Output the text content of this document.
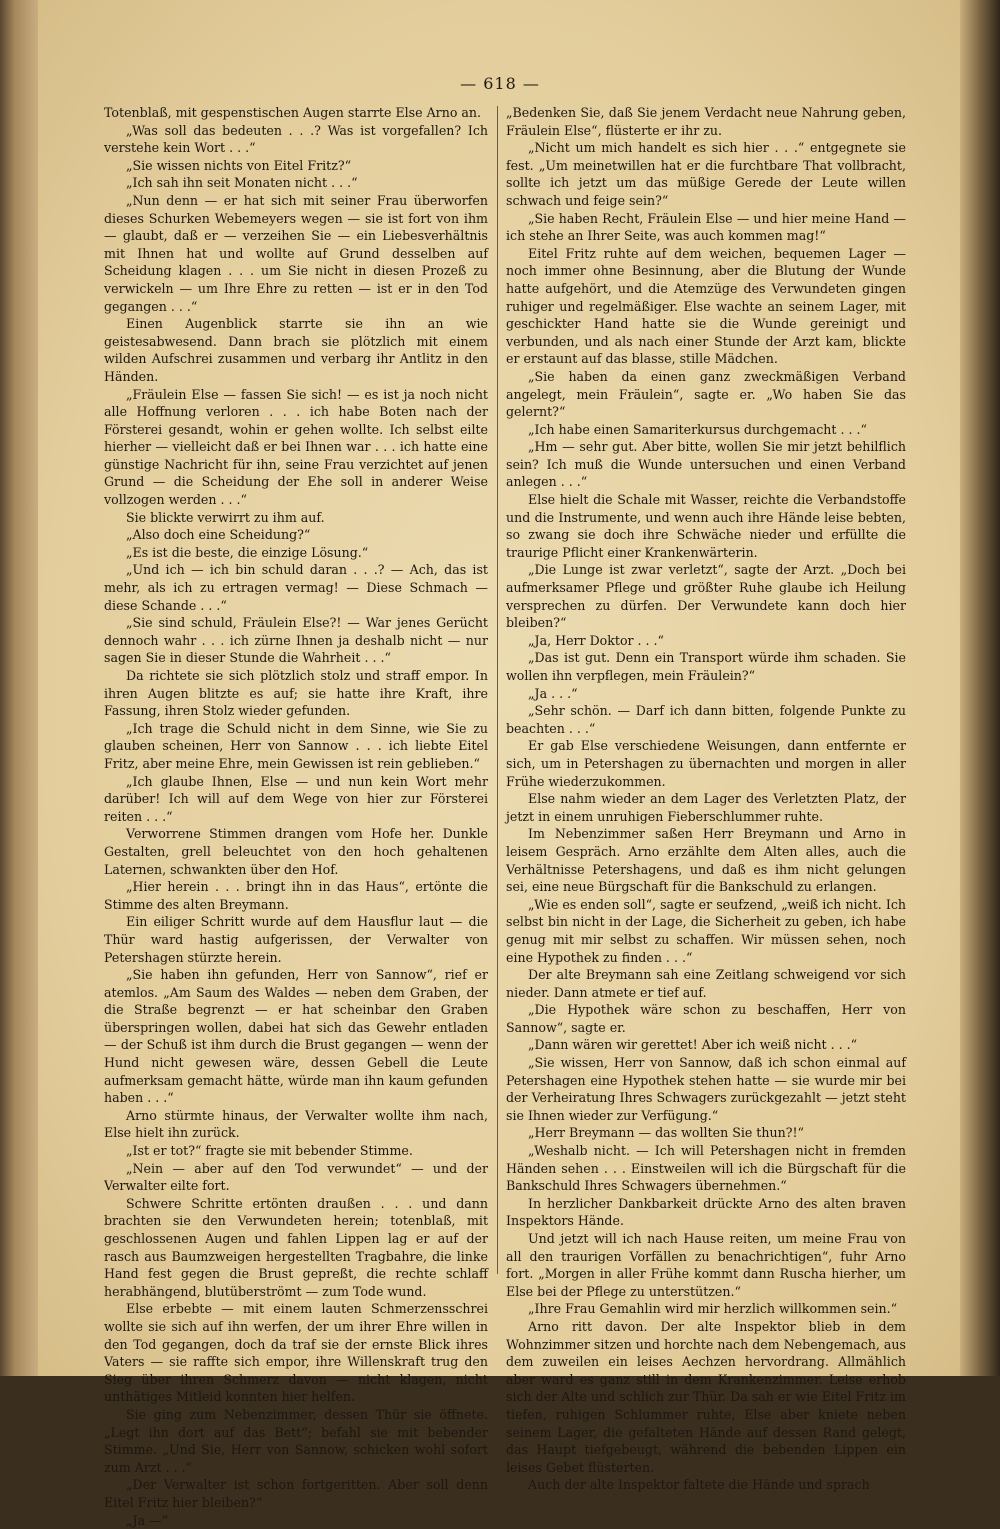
— 618 —

Totenblaß, mit gespenstischen Augen starrte Else Arno an.

„Was soll das bedeuten . . .? Was ist vorgefallen? Ich verstehe kein Wort . . .“

„Sie wissen nichts von Eitel Fritz?“

„Ich sah ihn seit Monaten nicht . . .“

„Nun denn — er hat sich mit seiner Frau überworfen dieses Schurken Webemeyers wegen — sie ist fort von ihm — glaubt, daß er — verzeihen Sie — ein Liebesverhältnis mit Ihnen hat und wollte auf Grund desselben auf Scheidung klagen . . . um Sie nicht in diesen Prozeß zu verwickeln — um Ihre Ehre zu retten — ist er in den Tod gegangen . . .“

Einen Augenblick starrte sie ihn an wie geistesabwesend. Dann brach sie plötzlich mit einem wilden Aufschrei zusammen und verbarg ihr Antlitz in den Händen.

„Fräulein Else — fassen Sie sich! — es ist ja noch nicht alle Hoffnung verloren . . . ich habe Boten nach der Försterei gesandt, wohin er gehen wollte. Ich selbst eilte hierher — vielleicht daß er bei Ihnen war . . . ich hatte eine günstige Nachricht für ihn, seine Frau verzichtet auf jenen Grund — die Scheidung der Ehe soll in anderer Weise vollzogen werden . . .“

Sie blickte verwirrt zu ihm auf.

„Also doch eine Scheidung?“

„Es ist die beste, die einzige Lösung.“

„Und ich — ich bin schuld daran . . .? — Ach, das ist mehr, als ich zu ertragen vermag! — Diese Schmach — diese Schande . . .“

„Sie sind schuld, Fräulein Else?! — War jenes Gerücht dennoch wahr . . . ich zürne Ihnen ja deshalb nicht — nur sagen Sie in dieser Stunde die Wahrheit . . .“

Da richtete sie sich plötzlich stolz und straff empor. In ihren Augen blitzte es auf; sie hatte ihre Kraft, ihre Fassung, ihren Stolz wieder gefunden.

„Ich trage die Schuld nicht in dem Sinne, wie Sie zu glauben scheinen, Herr von Sannow . . . ich liebte Eitel Fritz, aber meine Ehre, mein Gewissen ist rein geblieben.“

„Ich glaube Ihnen, Else — und nun kein Wort mehr darüber! Ich will auf dem Wege von hier zur Försterei reiten . . .“

Verworrene Stimmen drangen vom Hofe her. Dunkle Gestalten, grell beleuchtet von den hoch gehaltenen Laternen, schwankten über den Hof.

„Hier herein . . . bringt ihn in das Haus“, ertönte die Stimme des alten Breymann.

Ein eiliger Schritt wurde auf dem Hausflur laut — die Thür ward hastig aufgerissen, der Verwalter von Petershagen stürzte herein.

„Sie haben ihn gefunden, Herr von Sannow“, rief er atemlos. „Am Saum des Waldes — neben dem Graben, der die Straße begrenzt — er hat scheinbar den Graben überspringen wollen, dabei hat sich das Gewehr entladen — der Schuß ist ihm durch die Brust gegangen — wenn der Hund nicht gewesen wäre, dessen Gebell die Leute aufmerksam gemacht hätte, würde man ihn kaum gefunden haben . . .“

Arno stürmte hinaus, der Verwalter wollte ihm nach, Else hielt ihn zurück.

„Ist er tot?“ fragte sie mit bebender Stimme.

„Nein — aber auf den Tod verwundet“ — und der Verwalter eilte fort.

Schwere Schritte ertönten draußen . . . und dann brachten sie den Verwundeten herein; totenblaß, mit geschlossenen Augen und fahlen Lippen lag er auf der rasch aus Baumzweigen hergestellten Tragbahre, die linke Hand fest gegen die Brust gepreßt, die rechte schlaff herabhängend, blutüberströmt — zum Tode wund.

Else erbebte — mit einem lauten Schmerzensschrei wollte sie sich auf ihn werfen, der um ihrer Ehre willen in den Tod gegangen, doch da traf sie der ernste Blick ihres Vaters — sie raffte sich empor, ihre Willenskraft trug den Sieg über ihren Schmerz davon — nicht klagen, nicht unthätiges Mitleid konnten hier helfen.

Sie ging zum Nebenzimmer, dessen Thür sie öffnete. „Legt ihn dort auf das Bett“; befahl sie mit bebender Stimme. „Und Sie, Herr von Sannow, schicken wohl sofort zum Arzt . . .“

„Der Verwalter ist schon fortgeritten. Aber soll denn Eitel Fritz hier bleiben?“

„Ja —“

„Bedenken Sie, daß Sie jenem Verdacht neue Nahrung geben, Fräulein Else“, flüsterte er ihr zu.

„Nicht um mich handelt es sich hier . . .“ entgegnete sie fest. „Um meinetwillen hat er die furchtbare That vollbracht, sollte ich jetzt um das müßige Gerede der Leute willen schwach und feige sein?“

„Sie haben Recht, Fräulein Else — und hier meine Hand — ich stehe an Ihrer Seite, was auch kommen mag!“

Eitel Fritz ruhte auf dem weichen, bequemen Lager — noch immer ohne Besinnung, aber die Blutung der Wunde hatte aufgehört, und die Atemzüge des Verwundeten gingen ruhiger und regelmäßiger. Else wachte an seinem Lager, mit geschickter Hand hatte sie die Wunde gereinigt und verbunden, und als nach einer Stunde der Arzt kam, blickte er erstaunt auf das blasse, stille Mädchen.

„Sie haben da einen ganz zweckmäßigen Verband angelegt, mein Fräulein“, sagte er. „Wo haben Sie das gelernt?“

„Ich habe einen Samariterkursus durchgemacht . . .“

„Hm — sehr gut. Aber bitte, wollen Sie mir jetzt behilflich sein? Ich muß die Wunde untersuchen und einen Verband anlegen . . .“

Else hielt die Schale mit Wasser, reichte die Verbandstoffe und die Instrumente, und wenn auch ihre Hände leise bebten, so zwang sie doch ihre Schwäche nieder und erfüllte die traurige Pflicht einer Krankenwärterin.

„Die Lunge ist zwar verletzt“, sagte der Arzt. „Doch bei aufmerksamer Pflege und größter Ruhe glaube ich Heilung versprechen zu dürfen. Der Verwundete kann doch hier bleiben?“

„Ja, Herr Doktor . . .“

„Das ist gut. Denn ein Transport würde ihm schaden. Sie wollen ihn verpflegen, mein Fräulein?“

„Ja . . .“

„Sehr schön. — Darf ich dann bitten, folgende Punkte zu beachten . . .“

Er gab Else verschiedene Weisungen, dann entfernte er sich, um in Petershagen zu übernachten und morgen in aller Frühe wiederzukommen.

Else nahm wieder an dem Lager des Verletzten Platz, der jetzt in einem unruhigen Fieberschlummer ruhte.

Im Nebenzimmer saßen Herr Breymann und Arno in leisem Gespräch. Arno erzählte dem Alten alles, auch die Verhältnisse Petershagens, und daß es ihm nicht gelungen sei, eine neue Bürgschaft für die Bankschuld zu erlangen.

„Wie es enden soll“, sagte er seufzend, „weiß ich nicht. Ich selbst bin nicht in der Lage, die Sicherheit zu geben, ich habe genug mit mir selbst zu schaffen. Wir müssen sehen, noch eine Hypothek zu finden . . .“

Der alte Breymann sah eine Zeitlang schweigend vor sich nieder. Dann atmete er tief auf.

„Die Hypothek wäre schon zu beschaffen, Herr von Sannow“, sagte er.

„Dann wären wir gerettet! Aber ich weiß nicht . . .“

„Sie wissen, Herr von Sannow, daß ich schon einmal auf Petershagen eine Hypothek stehen hatte — sie wurde mir bei der Verheiratung Ihres Schwagers zurückgezahlt — jetzt steht sie Ihnen wieder zur Verfügung.“

„Herr Breymann — das wollten Sie thun?!“

„Weshalb nicht. — Ich will Petershagen nicht in fremden Händen sehen . . . Einstweilen will ich die Bürgschaft für die Bankschuld Ihres Schwagers übernehmen.“

In herzlicher Dankbarkeit drückte Arno des alten braven Inspektors Hände.

Und jetzt will ich nach Hause reiten, um meine Frau von all den traurigen Vorfällen zu benachrichtigen“, fuhr Arno fort. „Morgen in aller Frühe kommt dann Ruscha hierher, um Else bei der Pflege zu unterstützen.“

„Ihre Frau Gemahlin wird mir herzlich willkommen sein.“

Arno ritt davon. Der alte Inspektor blieb in dem Wohnzimmer sitzen und horchte nach dem Nebengemach, aus dem zuweilen ein leises Aechzen hervordrang. Allmählich aber ward es ganz still in dem Krankenzimmer. Leise erhob sich der Alte und schlich zur Thür. Da sah er wie Eitel Fritz im tiefen, ruhigen Schlummer ruhte, Else aber kniete neben seinem Lager, die gefalteten Hände auf dessen Rand gelegt, das Haupt tiefgebeugt, während die bebenden Lippen ein leises Gebet flüsterten.

Auch der alte Inspektor faltete die Hände und sprach
